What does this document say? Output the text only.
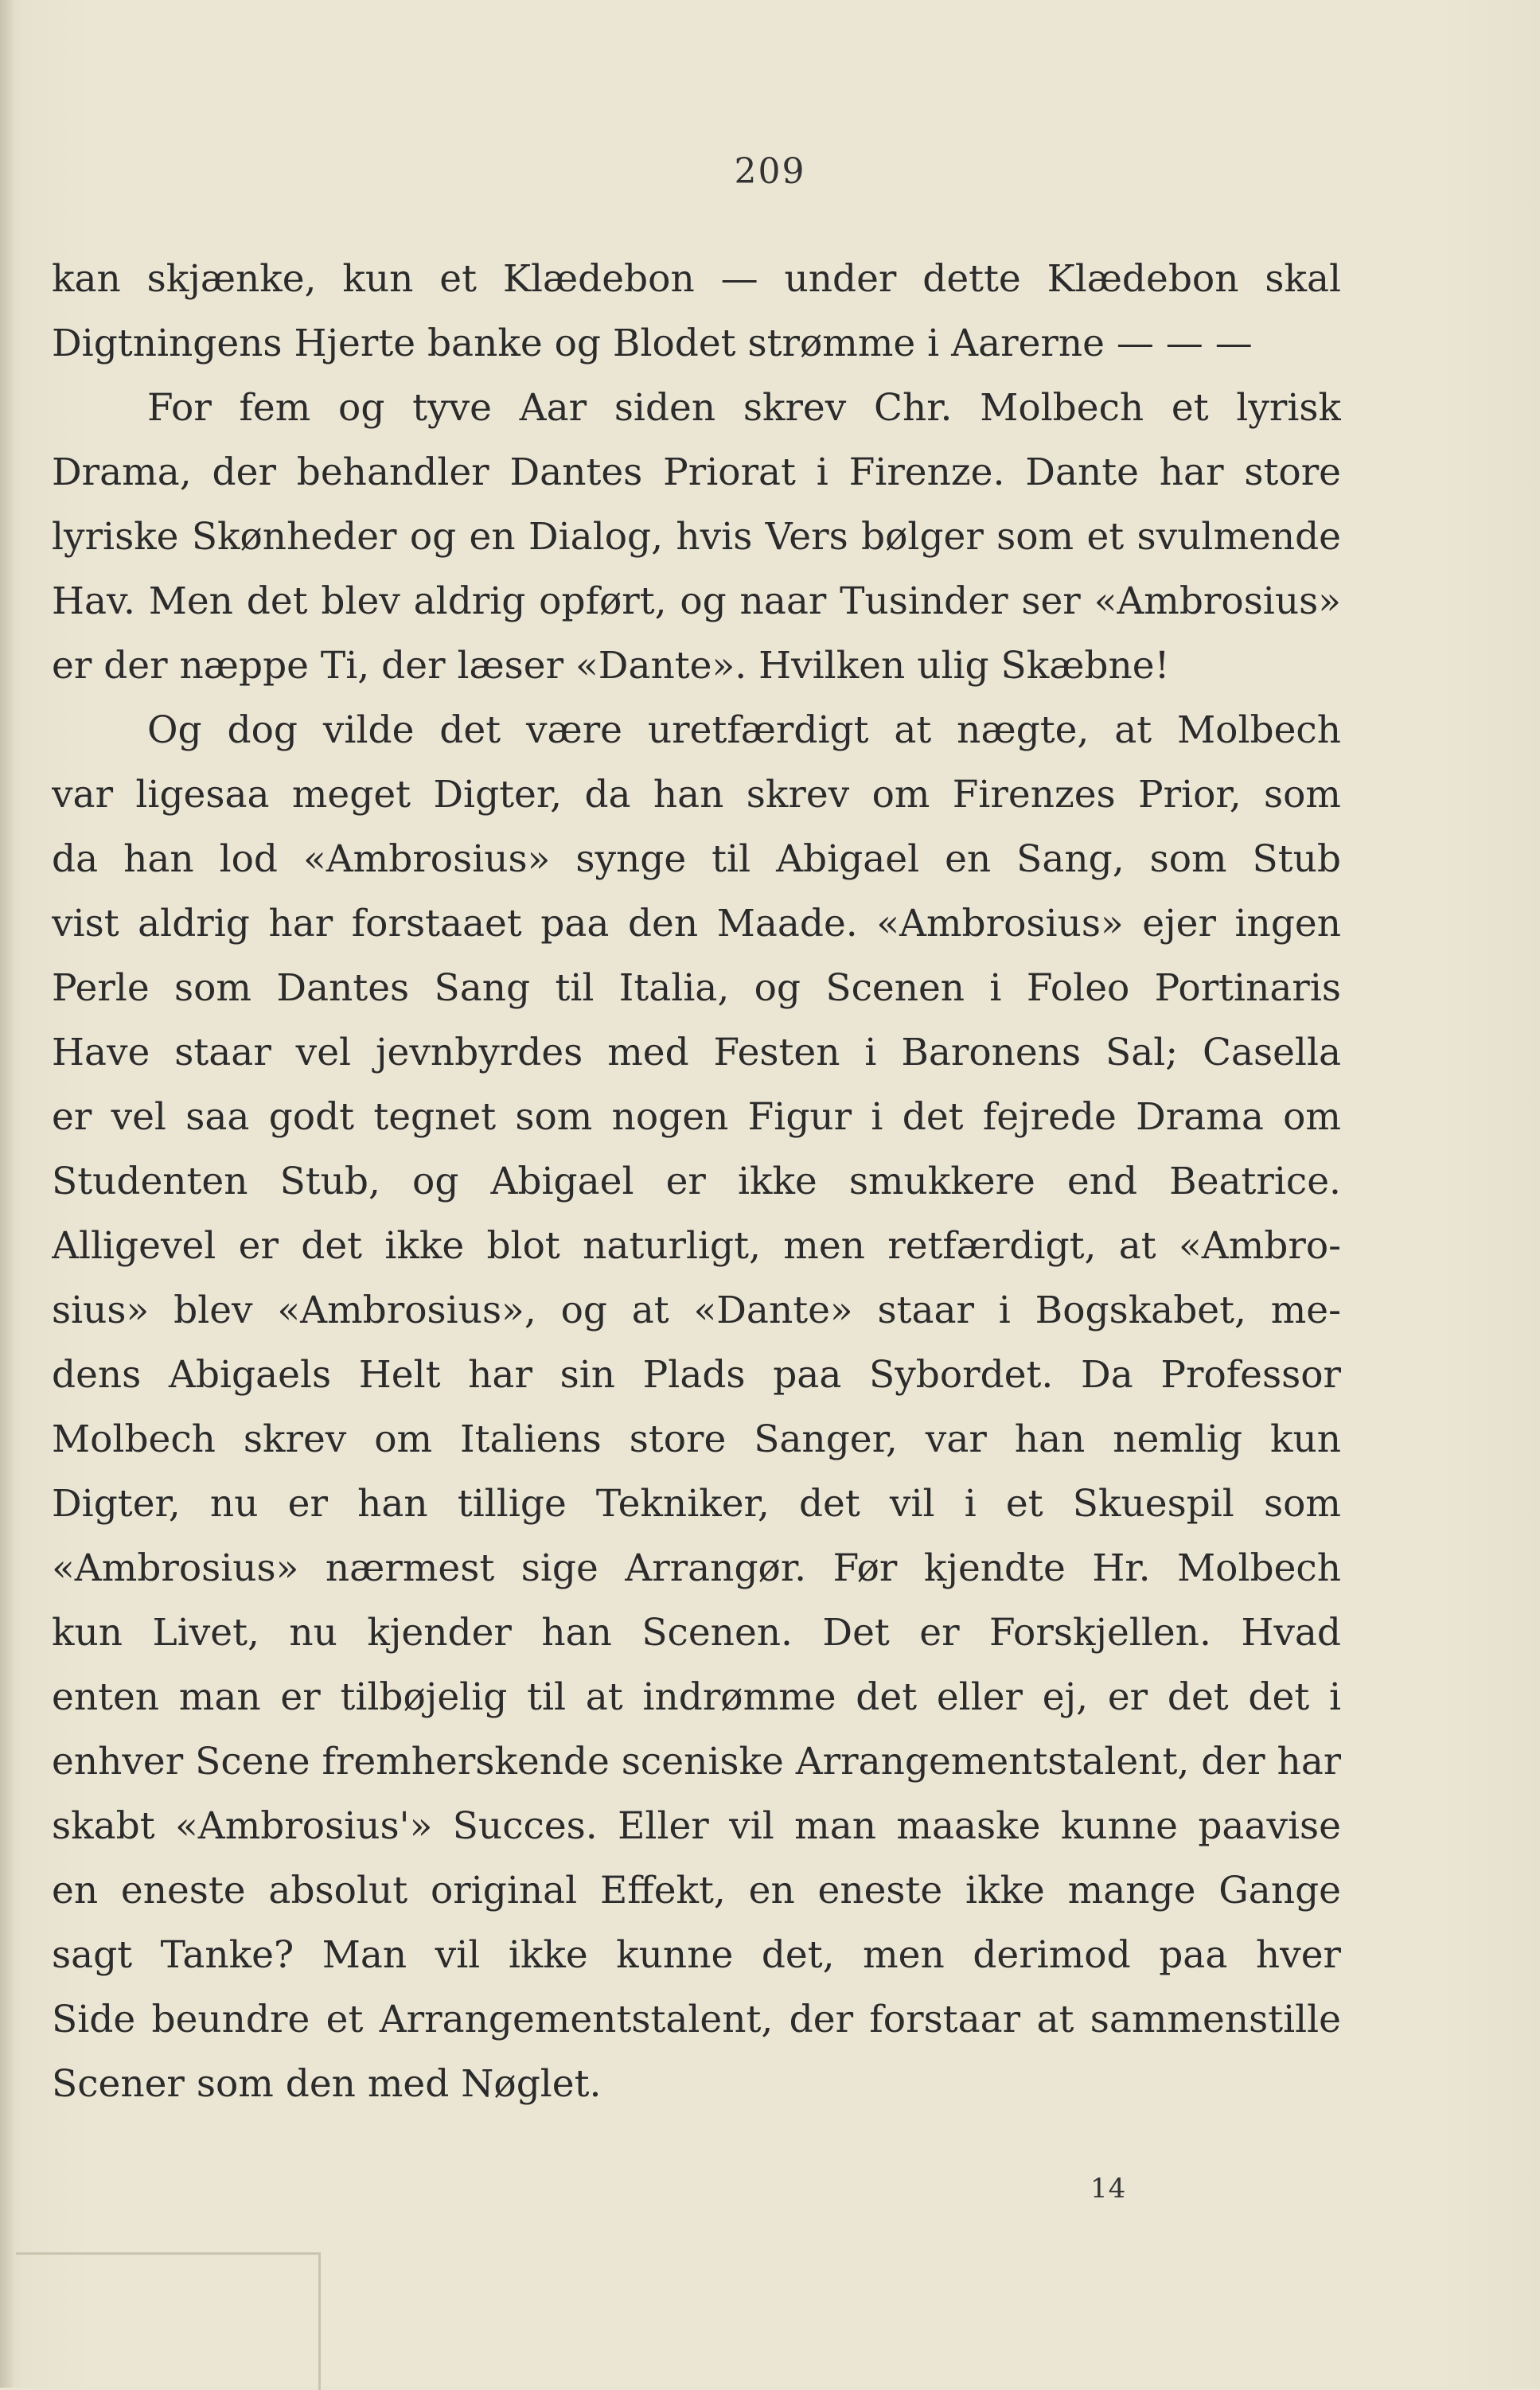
209
kan skjænke, kun et Klædebon — under dette Klædebon skal
Digtningens Hjerte banke og Blodet strømme i Aarerne — — —
For fem og tyve Aar siden skrev Chr. Molbech et lyrisk
Drama, der behandler Dantes Priorat i Firenze. Dante har store
lyriske Skønheder og en Dialog, hvis Vers bølger som et svulmende
Hav. Men det blev aldrig opført, og naar Tusinder ser «Ambrosius»
er der næppe Ti, der læser «Dante». Hvilken ulig Skæbne!
Og dog vilde det være uretfærdigt at nægte, at Molbech
var ligesaa meget Digter, da han skrev om Firenzes Prior, som
da han lod «Ambrosius» synge til Abigael en Sang, som Stub
vist aldrig har forstaaet paa den Maade. «Ambrosius» ejer ingen
Perle som Dantes Sang til Italia, og Scenen i Foleo Portinaris
Have staar vel jevnbyrdes med Festen i Baronens Sal; Casella
er vel saa godt tegnet som nogen Figur i det fejrede Drama om
Studenten Stub, og Abigael er ikke smukkere end Beatrice.
Alligevel er det ikke blot naturligt, men retfærdigt, at «Ambro-
sius» blev «Ambrosius», og at «Dante» staar i Bogskabet, me-
dens Abigaels Helt har sin Plads paa Sybordet. Da Professor
Molbech skrev om Italiens store Sanger, var han nemlig kun
Digter, nu er han tillige Tekniker, det vil i et Skuespil som
«Ambrosius» nærmest sige Arrangør. Før kjendte Hr. Molbech
kun Livet, nu kjender han Scenen. Det er Forskjellen. Hvad
enten man er tilbøjelig til at indrømme det eller ej, er det det i
enhver Scene fremherskende sceniske Arrangementstalent, der har
skabt «Ambrosius'» Succes. Eller vil man maaske kunne paavise
en eneste absolut original Effekt, en eneste ikke mange Gange
sagt Tanke? Man vil ikke kunne det, men derimod paa hver
Side beundre et Arrangementstalent, der forstaar at sammenstille
Scener som den med Nøglet.
14
